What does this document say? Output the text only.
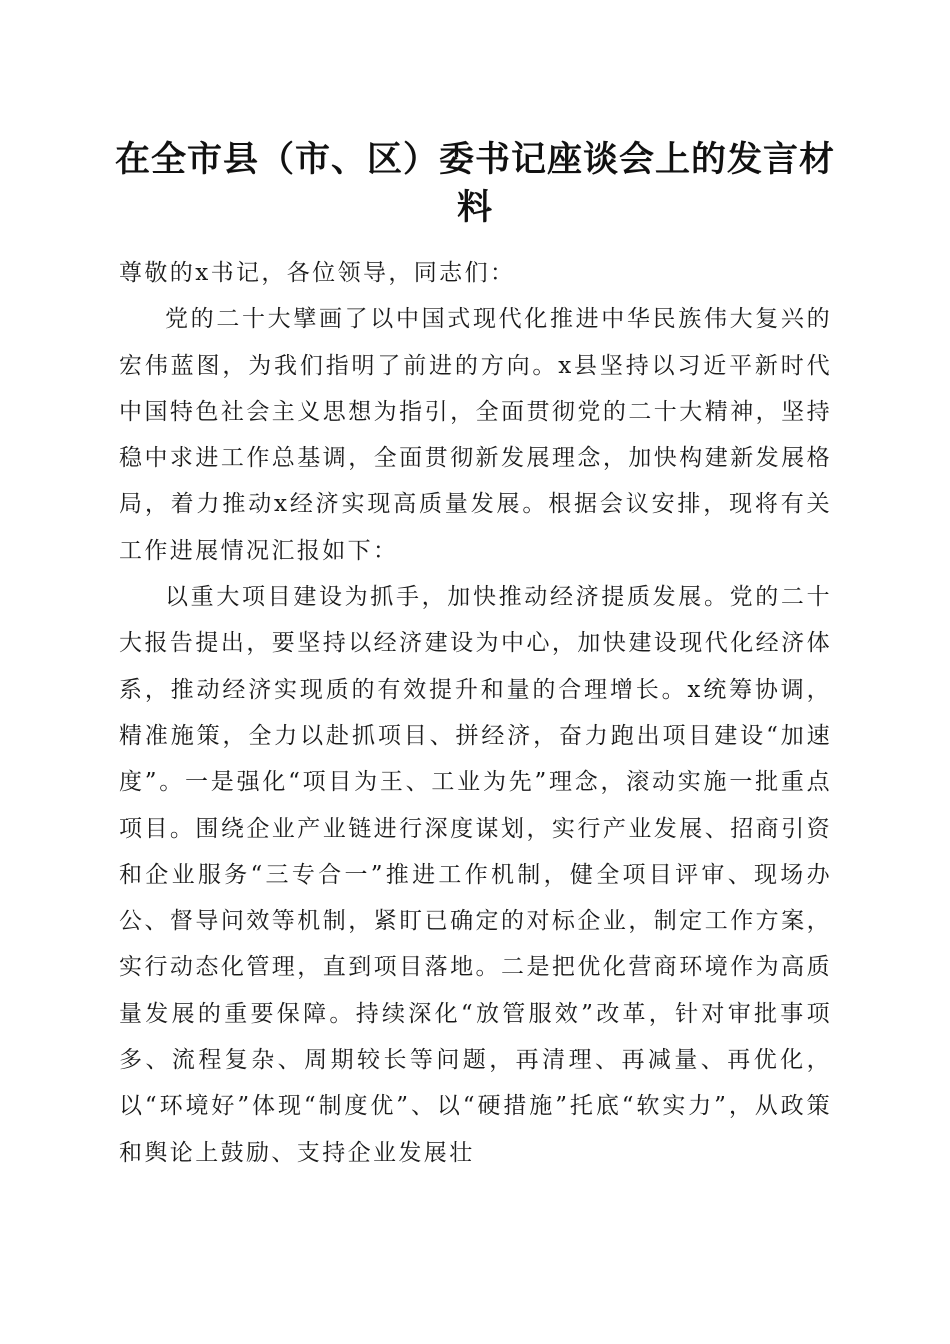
在全市县（市、区）委书记座谈会上的发言材料

尊敬的x书记，各位领导，同志们：

党的二十大擘画了以中国式现代化推进中华民族伟大复兴的宏伟蓝图，为我们指明了前进的方向。x县坚持以习近平新时代中国特色社会主义思想为指引，全面贯彻党的二十大精神，坚持稳中求进工作总基调，全面贯彻新发展理念，加快构建新发展格局，着力推动x经济实现高质量发展。根据会议安排，现将有关工作进展情况汇报如下：

以重大项目建设为抓手，加快推动经济提质发展。党的二十大报告提出，要坚持以经济建设为中心，加快建设现代化经济体系，推动经济实现质的有效提升和量的合理增长。x统筹协调，精准施策，全力以赴抓项目、拼经济，奋力跑出项目建设“加速度”。一是强化“项目为王、工业为先”理念，滚动实施一批重点项目。围绕企业产业链进行深度谋划，实行产业发展、招商引资和企业服务“三专合一”推进工作机制，健全项目评审、现场办公、督导问效等机制，紧盯已确定的对标企业，制定工作方案，实行动态化管理，直到项目落地。二是把优化营商环境作为高质量发展的重要保障。持续深化“放管服效”改革，针对审批事项多、流程复杂、周期较长等问题，再清理、再减量、再优化，以“环境好”体现“制度优”、以“硬措施”托底“软实力”，从政策和舆论上鼓励、支持企业发展壮
